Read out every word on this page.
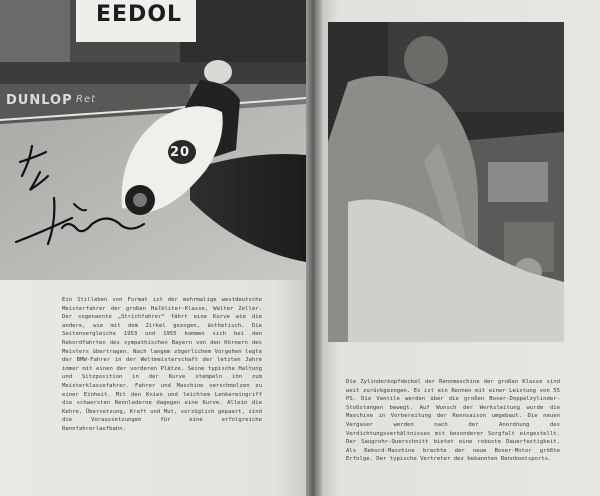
EEDOL
DUNLOP Ret
20

Ein Stilleben von Format ist der mehrmalige westdeutsche Meisterfahrer der großen Halbliter-Klasse, Walter Zeller. Der sogenannte „Strichfahrer“ fährt eine Kurve wie die andere, wie mit dem Zirkel gezogen, ästhetisch. Die Seitenvergleiche 1953 und 1955 kommen sich bei den Rekordfahrten des sympathischen Bayern von den Körnern des Meisters übertragen. Nach langem zögerlichem Vorgehen legte der BMW-Fahrer in der Weltmeisterschaft der letzten Jahre immer mit einen der vorderen Plätze. Seine typische Haltung und Sitzposition in der Kurve stempeln ihn zum Meisterklassefahrer. Fahrer und Maschine verschmolzen zu einer Einheit. Mit den Knien und leichtem Lenkereingriff die schwersten Rennlederne dagegen eine Kurve. Allein die Kehre, Übersetzung, Kraft und Mut, vorzüglich gepaart, sind die Voraussetzungen für eine erfolgreiche Rennfahrerlaufbahn.

Die Zylinderkopfdeckel der Rennmaschine der großen Klasse sind weit zurückgezogen. Es ist ein Rennen mit einer Leistung von 55 PS. Die Ventile werden über die großen Boxer-Doppelzylinder-Stoßstangen bewegt. Auf Wunsch der Werksleitung wurde die Maschine in Vorbereitung der Rennsaison umgebaut. Die neuen Vergaser werden nach der Anordnung des Verdichtungsverhältnisses mit besonderer Sorgfalt eingestellt. Der Saugrohr-Querschnitt bietet eine robuste Dauerfestigkeit. Als Rekord-Maschine brachte der neue Boxer-Motor größte Erfolge. Der typische Vertreter des bekannten Rennbootsports.
